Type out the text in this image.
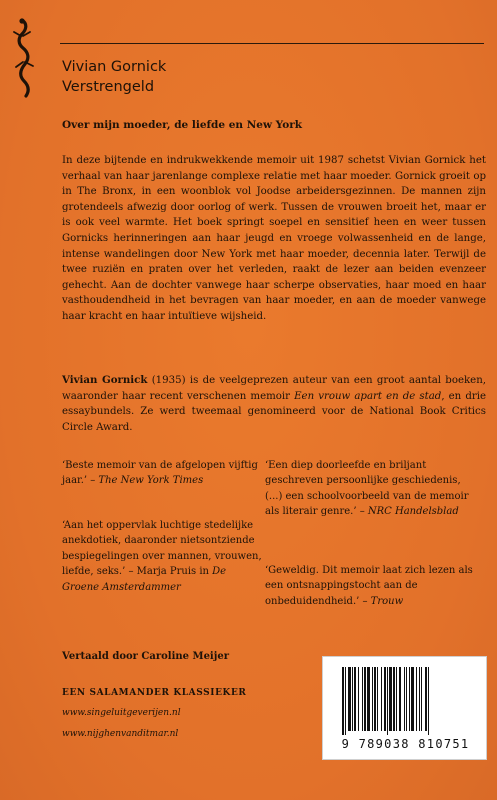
Vivian Gornick
Verstrengeld
Over mijn moeder, de liefde en New York

In deze bijtende en indrukwekkende memoir uit 1987 schetst Vivian Gornick het verhaal van haar jarenlange complexe relatie met haar moeder. Gornick groeit op in The Bronx, in een woonblok vol Joodse arbeidersgezinnen. De mannen zijn grotendeels afwezig door oorlog of werk. Tussen de vrouwen broeit het, maar er is ook veel warmte. Het boek springt soepel en sensitief heen en weer tussen Gornicks herinneringen aan haar jeugd en vroege volwassenheid en de lange, intense wandelingen door New York met haar moeder, decennia later. Terwijl de twee ruziën en praten over het verleden, raakt de lezer aan beiden evenzeer gehecht. Aan de dochter vanwege haar scherpe observaties, haar moed en haar vasthoudendheid in het bevragen van haar moeder, en aan de moeder vanwege haar kracht en haar intuïtieve wijsheid.

Vivian Gornick (1935) is de veelgeprezen auteur van een groot aantal boeken, waaronder haar recent verschenen memoir Een vrouw apart en de stad, en drie essaybundels. Ze werd tweemaal genomineerd voor de National Book Critics Circle Award.

‘Beste memoir van de afgelopen vijftig jaar.’ – The New York Times

‘Aan het oppervlak luchtige stedelijke anekdotiek, daaronder nietsontziende bespiegelingen over mannen, vrouwen, liefde, seks.’ – Marja Pruis in De Groene Amsterdammer

‘Een diep doorleefde en briljant geschreven persoonlijke geschiedenis, (...) een schoolvoorbeeld van de memoir als literair genre.’ – NRC Handelsblad

‘Geweldig. Dit memoir laat zich lezen als een ontsnappingstocht aan de onbeduidendheid.’ – Trouw

Vertaald door Caroline Meijer
EEN SALAMANDER KLASSIEKER
www.singeluitgeverijen.nl
www.nijghenvanditmar.nl
9 789038 810751
